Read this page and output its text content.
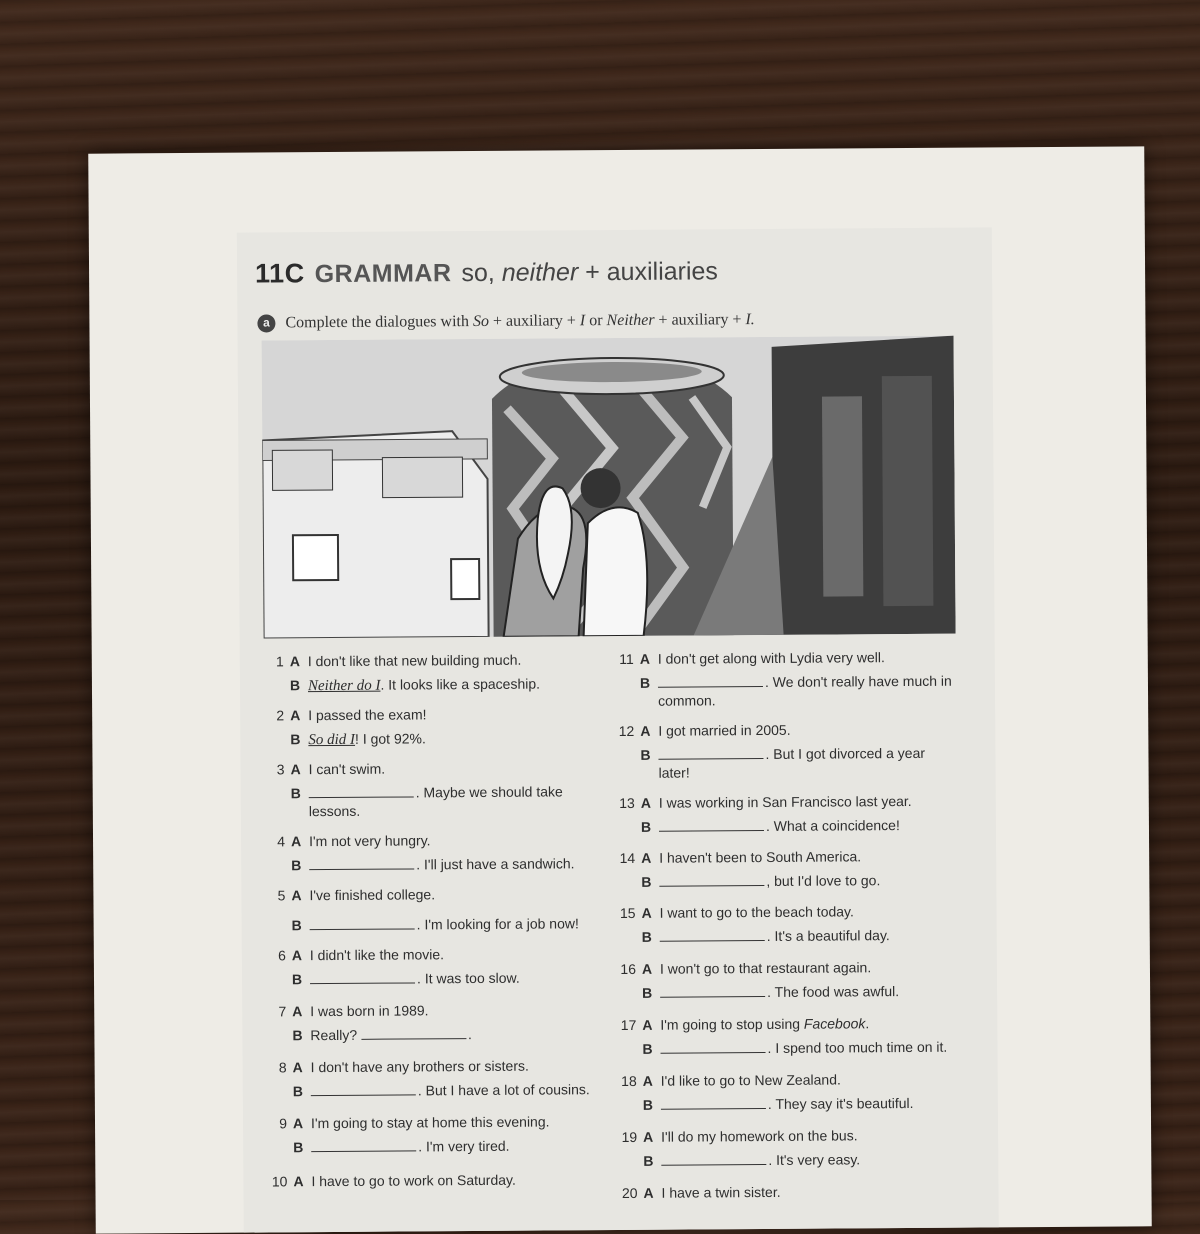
11C GRAMMAR so, neither + auxiliaries
a Complete the dialogues with So + auxiliary + I or Neither + auxiliary + I.
1 A I don't like that new building much.
B Neither do I. It looks like a spaceship.
2 A I passed the exam!
B So did I! I got 92%.
3 A I can't swim.
B	. Maybe we should take lessons.
4 A I'm not very hungry.
B	. I'll just have a sandwich.
5 A I've finished college.
B	. I'm looking for a job now!
6 A I didn't like the movie.
B	. It was too slow.
7 A I was born in 1989.
B Really?	.
8 A I don't have any brothers or sisters.
B	. But I have a lot of cousins.
9 A I'm going to stay at home this evening.
B	. I'm very tired.
10 A I have to go to work on Saturday.
11 A I don't get along with Lydia very well.
B	. We don't really have much in common.
12 A I got married in 2005.
B	. But I got divorced a year later!
13 A I was working in San Francisco last year.
B	. What a coincidence!
14 A I haven't been to South America.
B	, but I'd love to go.
15 A I want to go to the beach today.
B	. It's a beautiful day.
16 A I won't go to that restaurant again.
B	. The food was awful.
17 A I'm going to stop using Facebook.
B	. I spend too much time on it.
18 A I'd like to go to New Zealand.
B	. They say it's beautiful.
19 A I'll do my homework on the bus.
B	. It's very easy.
20 A I have a twin sister.
